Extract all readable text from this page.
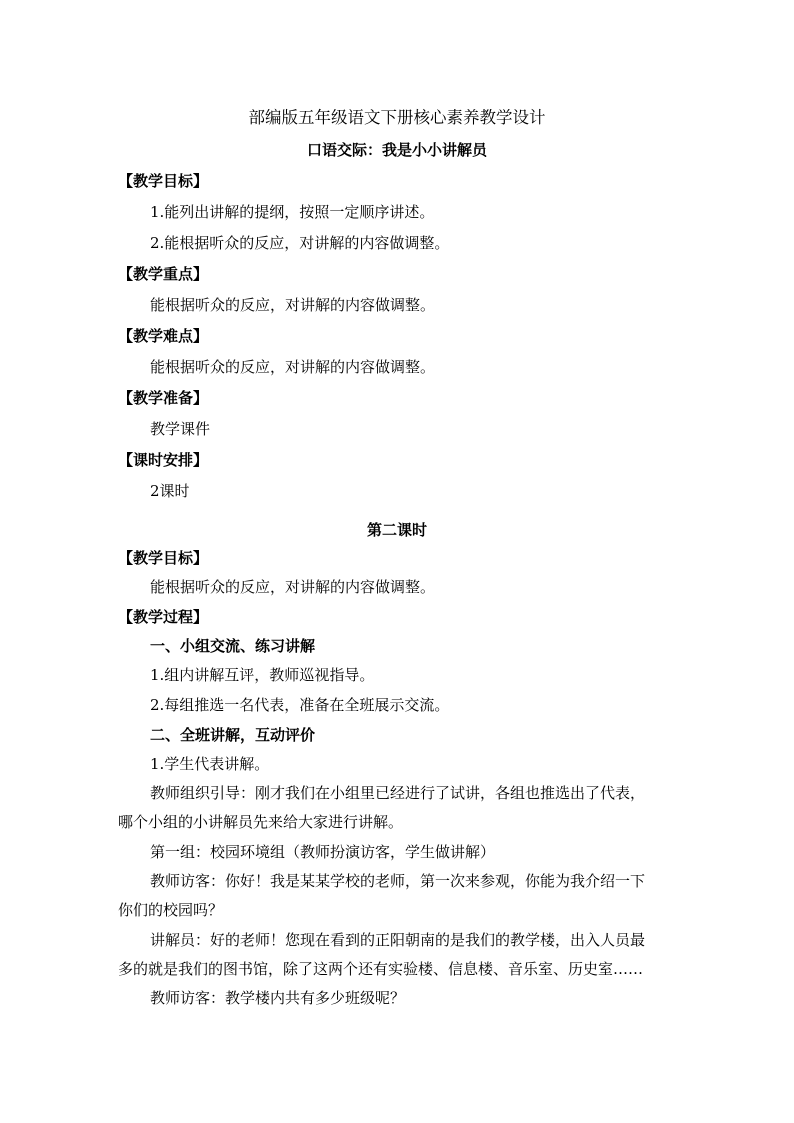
部编版五年级语文下册核心素养教学设计
口语交际：我是小小讲解员
【教学目标】
1.能列出讲解的提纲，按照一定顺序讲述。
2.能根据听众的反应，对讲解的内容做调整。
【教学重点】
能根据听众的反应，对讲解的内容做调整。
【教学难点】
能根据听众的反应，对讲解的内容做调整。
【教学准备】
教学课件
【课时安排】
2课时
第二课时
【教学目标】
能根据听众的反应，对讲解的内容做调整。
【教学过程】
一、小组交流、练习讲解
1.组内讲解互评，教师巡视指导。
2.每组推选一名代表，准备在全班展示交流。
二、全班讲解，互动评价
1.学生代表讲解。
教师组织引导：刚才我们在小组里已经进行了试讲，各组也推选出了代表，
哪个小组的小讲解员先来给大家进行讲解。
第一组：校园环境组（教师扮演访客，学生做讲解）
教师访客：你好！我是某某学校的老师，第一次来参观，你能为我介绍一下
你们的校园吗？
讲解员：好的老师！您现在看到的正阳朝南的是我们的教学楼，出入人员最
多的就是我们的图书馆，除了这两个还有实验楼、信息楼、音乐室、历史室……
教师访客：教学楼内共有多少班级呢？
